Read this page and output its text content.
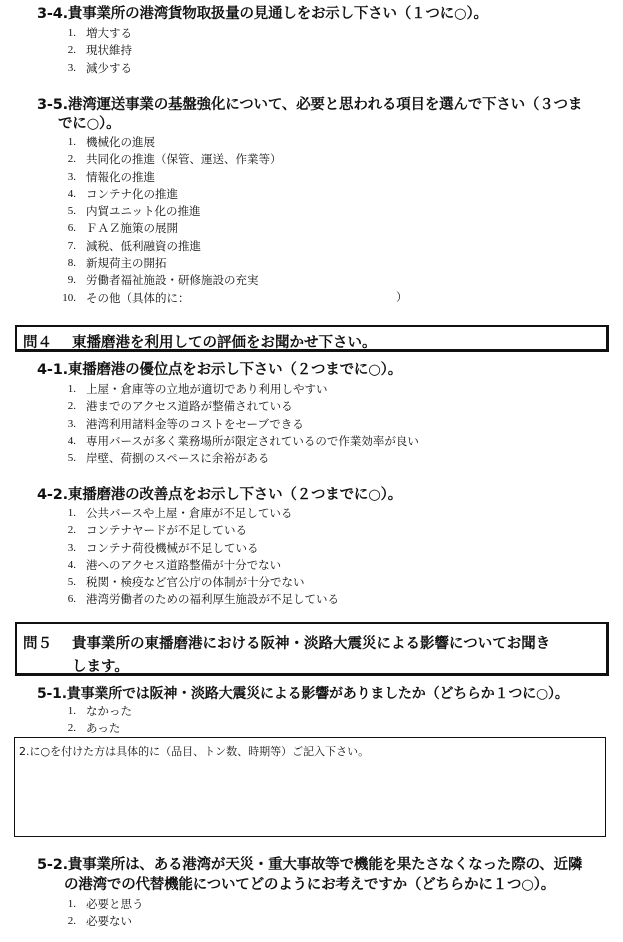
3-4.貴事業所の港湾貨物取扱量の見通しをお示し下さい（１つに○）。
1. 増大する
2. 現状維持
3. 減少する
3-5.港湾運送事業の基盤強化について、必要と思われる項目を選んで下さい（３つま
でに○）。
1. 機械化の進展
2. 共同化の推進（保管、運送、作業等）
3. 情報化の推進
4. コンテナ化の推進
5. 内貿ユニット化の推進
6. ＦＡＺ施策の展開
7. 減税、低利融資の推進
8. 新規荷主の開拓
9. 労働者福祉施設・研修施設の充実
10. その他（具体的に：	）
問４ 東播磨港を利用しての評価をお聞かせ下さい。
4-1.東播磨港の優位点をお示し下さい（２つまでに○）。
1. 上屋・倉庫等の立地が適切であり利用しやすい
2. 港までのアクセス道路が整備されている
3. 港湾利用諸料金等のコストをセーブできる
4. 専用バースが多く業務場所が限定されているので作業効率が良い
5. 岸壁、荷捌のスペースに余裕がある
4-2.東播磨港の改善点をお示し下さい（２つまでに○）。
1. 公共バースや上屋・倉庫が不足している
2. コンテナヤードが不足している
3. コンテナ荷役機械が不足している
4. 港へのアクセス道路整備が十分でない
5. 税関・検疫など官公庁の体制が十分でない
6. 港湾労働者のための福利厚生施設が不足している
問５ 貴事業所の東播磨港における阪神・淡路大震災による影響についてお聞き
します。
5-1.貴事業所では阪神・淡路大震災による影響がありましたか（どちらか１つに○）。
1. なかった
2. あった
2.に○を付けた方は具体的に（品目、トン数、時期等）ご記入下さい。
5-2.貴事業所は、ある港湾が天災・重大事故等で機能を果たさなくなった際の、近隣
の港湾での代替機能についてどのようにお考えですか（どちらかに１つ○）。
1. 必要と思う
2. 必要ない
